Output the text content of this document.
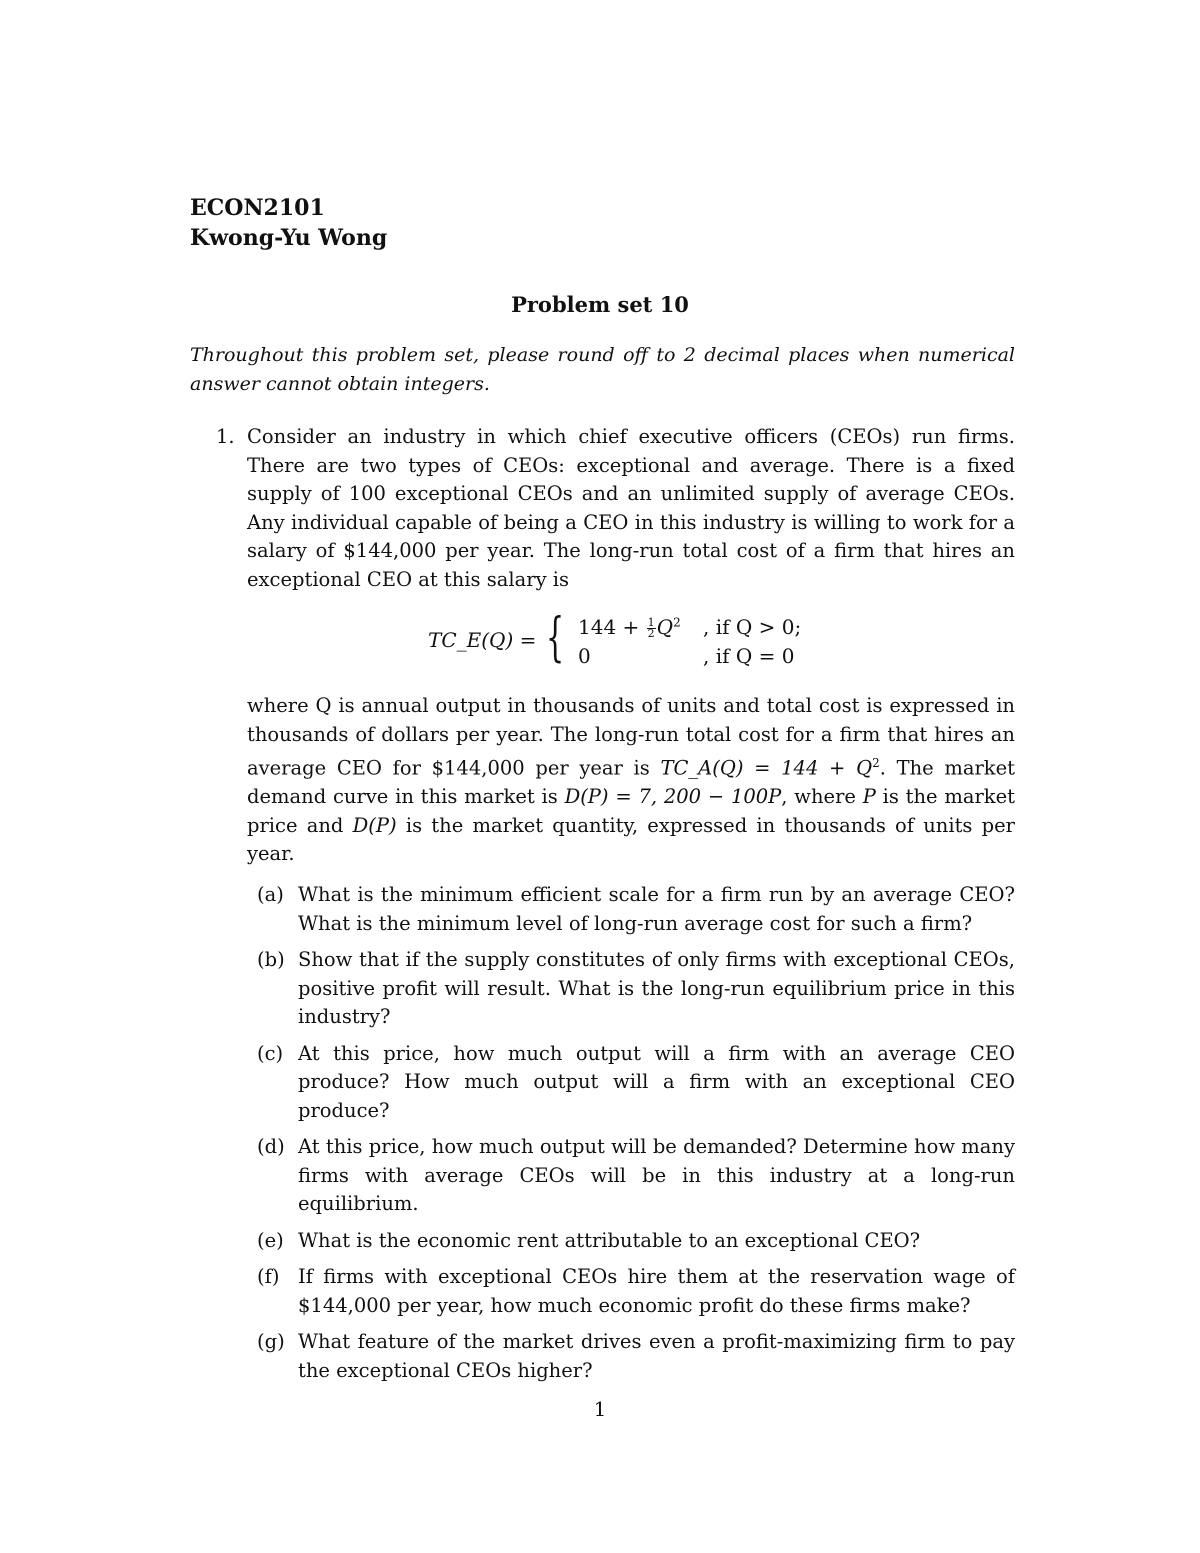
ECON2101
Kwong-Yu Wong
Problem set 10
Throughout this problem set, please round off to 2 decimal places when numerical answer cannot obtain integers.
1. Consider an industry in which chief executive officers (CEOs) run firms. There are two types of CEOs: exceptional and average. There is a fixed supply of 100 exceptional CEOs and an unlimited supply of average CEOs. Any individual capable of being a CEO in this industry is willing to work for a salary of $144,000 per year. The long-run total cost of a firm that hires an exceptional CEO at this salary is
TC_E(Q) = { $144 + \frac{1}{2} Q^2$ , if Q > 0;
0	, if Q = 0
where Q is annual output in thousands of units and total cost is expressed in thousands of dollars per year. The long-run total cost for a firm that hires an average CEO for $144,000 per year is TC_A(Q) = $144 + Q^2$. The market demand curve in this market is D(P) = 7, 200 − 100P, where P is the market price and D(P) is the market quantity, expressed in thousands of units per year.
(a) What is the minimum efficient scale for a firm run by an average CEO? What is the minimum level of long-run average cost for such a firm?
(b) Show that if the supply constitutes of only firms with exceptional CEOs, positive profit will result. What is the long-run equilibrium price in this industry?
(c) At this price, how much output will a firm with an average CEO produce? How much output will a firm with an exceptional CEO produce?
(d) At this price, how much output will be demanded? Determine how many firms with average CEOs will be in this industry at a long-run equilibrium.
(e) What is the economic rent attributable to an exceptional CEO?
(f) If firms with exceptional CEOs hire them at the reservation wage of $144,000 per year, how much economic profit do these firms make?
(g) What feature of the market drives even a profit-maximizing firm to pay the exceptional CEOs higher?
1
